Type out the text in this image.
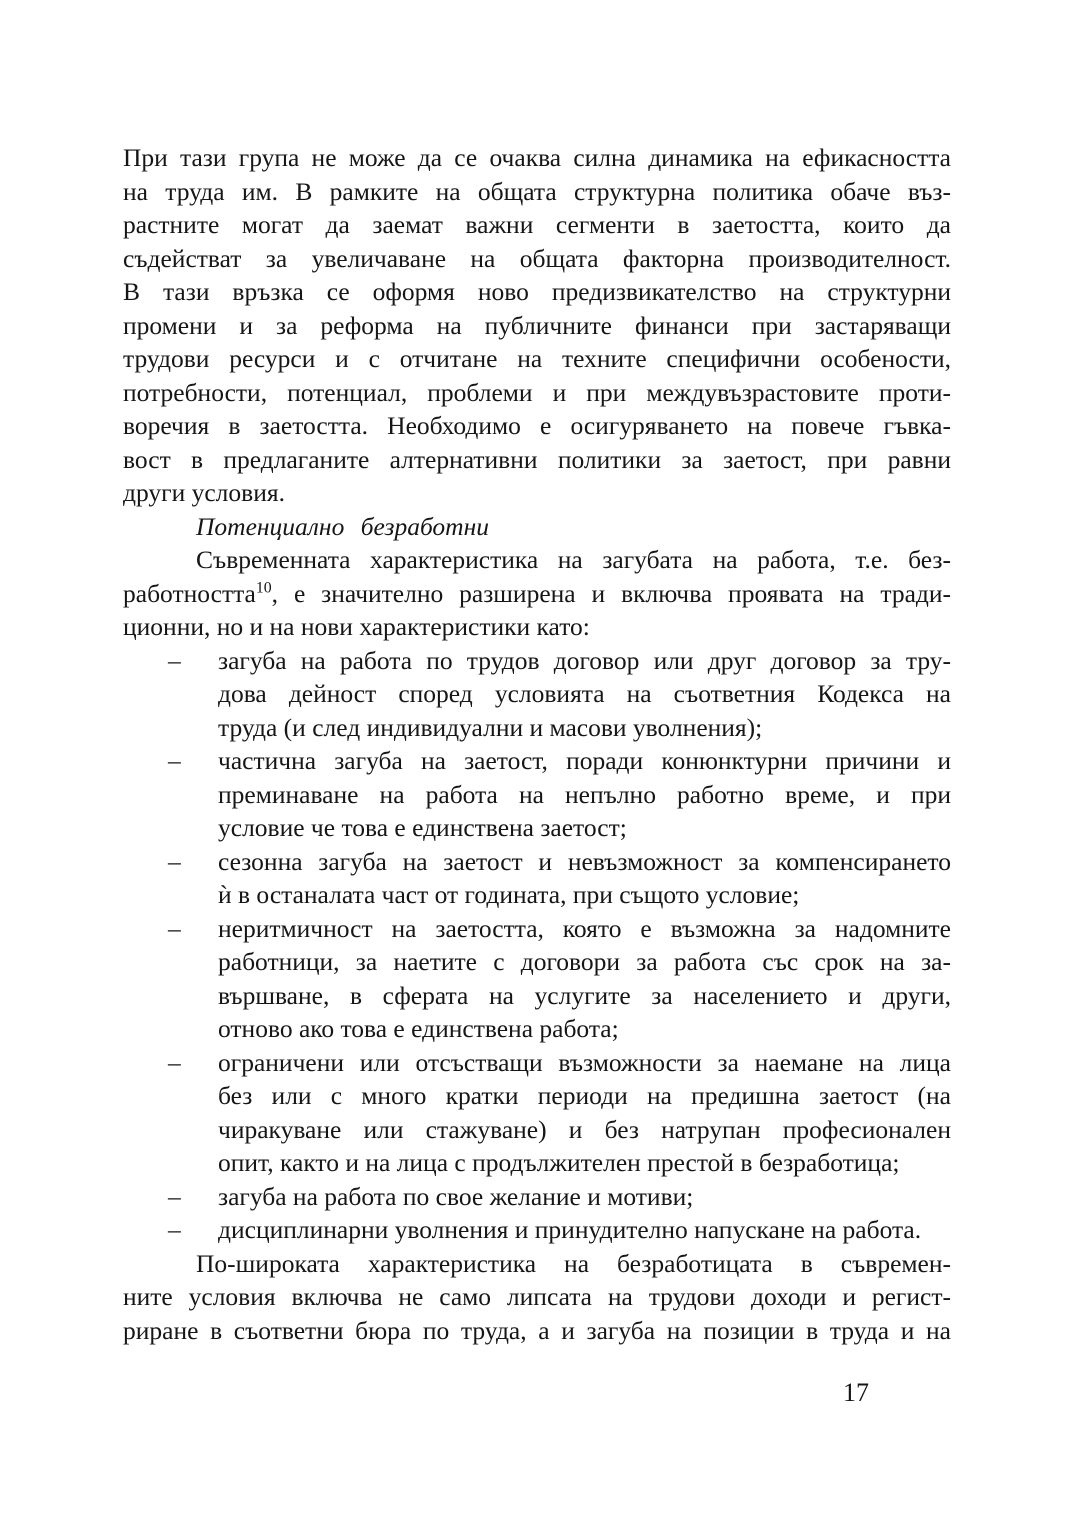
При тази група не може да се очаква силна динамика на ефикасността
на труда им. В рамките на общата структурна политика обаче въз-
растните могат да заемат важни сегменти в заетостта, които да
съдействат за увеличаване на общата факторна производителност.
В тази връзка се оформя ново предизвикателство на структурни
промени и за реформа на публичните финанси при застаряващи
трудови ресурси и с отчитане на техните специфични особености,
потребности, потенциал, проблеми и при междувъзрастовите проти-
воречия в заетостта. Необходимо е осигуряването на повече гъвка-
вост в предлаганите алтернативни политики за заетост, при равни
други условия.

Потенциално безработни

Съвременната характеристика на загубата на работа, т.е. без-
работността$^{10}$, е значително разширена и включва проявата на тради-
ционни, но и на нови характеристики като:

– загуба на работа по трудов договор или друг договор за тру-
дова дейност според условията на съответния Кодекса на
труда (и след индивидуални и масови уволнения);
– частична загуба на заетост, поради конюнктурни причини и
преминаване на работа на непълно работно време, и при
условие че това е единствена заетост;
– сезонна загуба на заетост и невъзможност за компенсирането
ѝ в останалата част от годината, при същото условие;
– неритмичност на заетостта, която е възможна за надомните
работници, за наетите с договори за работа със срок на за-
вършване, в сферата на услугите за населението и други,
отново ако това е единствена работа;
– ограничени или отсъстващи възможности за наемане на лица
без или с много кратки периоди на предишна заетост (на
чиракуване или стажуване) и без натрупан професионален
опит, както и на лица с продължителен престой в безработица;
– загуба на работа по свое желание и мотиви;
– дисциплинарни уволнения и принудително напускане на работа.

По-широката характеристика на безработицата в съвремен-
ните условия включва не само липсата на трудови доходи и регист-
риране в съответни бюра по труда, а и загуба на позиции в труда и на

17
